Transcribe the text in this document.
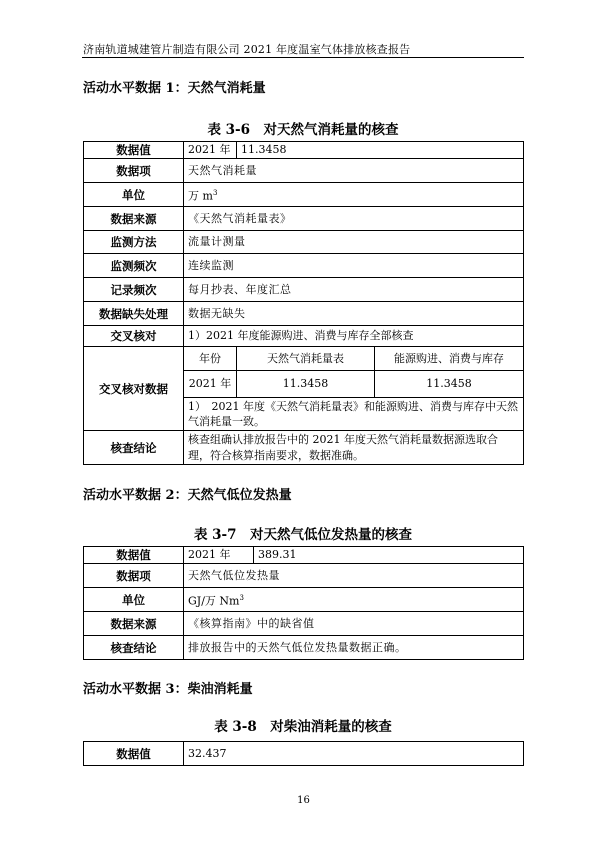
济南轨道城建管片制造有限公司 2021 年度温室气体排放核查报告
活动水平数据 1：天然气消耗量
表 3-6　对天然气消耗量的核查
数据值	2021 年	11.3458	
数据项	天然气消耗量		
单位	万 $m^3$
数据来源	《天然气消耗量表》		
监测方法	流量计测量		
监测频次	连续监测		
记录频次	每月抄表、年度汇总		
数据缺失处理	数据无缺失		
交叉核对	1）2021 年度能源购进、消费与库存全部核查		
交叉核对数据	年份	天然气消耗量表	能源购进、消费与库存
	2021 年	11.3458	11.3458
	1）　2021 年度《天然气消耗量表》和能源购进、消费与库存中天然气消耗量一致。		
核查结论	核查组确认排放报告中的 2021 年度天然气消耗量数据源选取合理，符合核算指南要求，数据准确。		
活动水平数据 2：天然气低位发热量
表 3-7　对天然气低位发热量的核查
数据值	2021 年	389.31
数据项	天然气低位发热量	
单位	GJ/万 Nm$^3$
数据来源	《核算指南》中的缺省值	
核查结论	排放报告中的天然气低位发热量数据正确。	
活动水平数据 3：柴油消耗量
表 3-8　对柴油消耗量的核查
数据值	32.437
16
